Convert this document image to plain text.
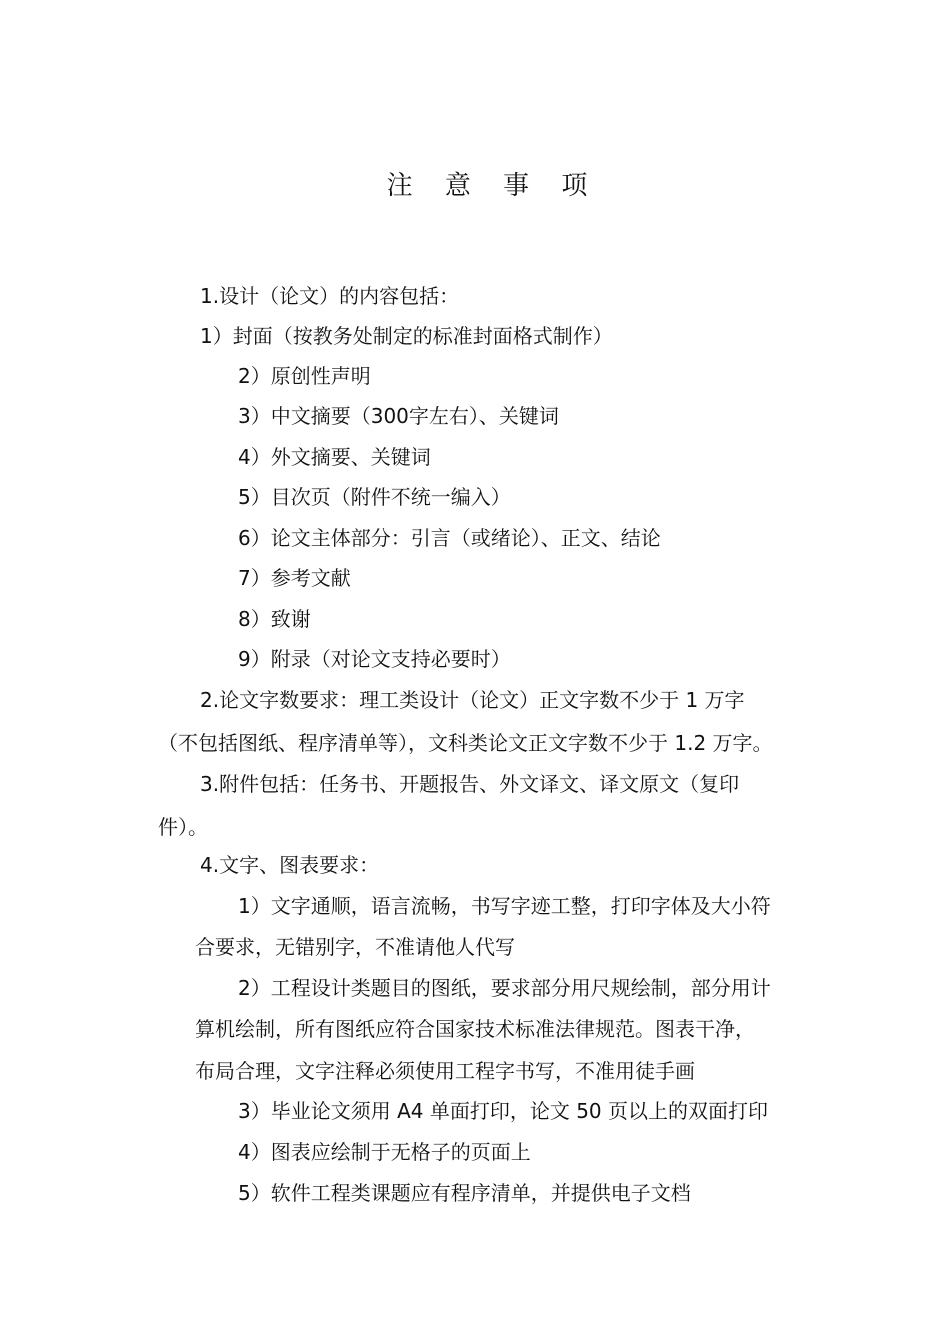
注 意 事 项
1.设计（论文）的内容包括：
1）封面（按教务处制定的标准封面格式制作）
2）原创性声明
3）中文摘要（300字左右）、关键词
4）外文摘要、关键词
5）目次页（附件不统一编入）
6）论文主体部分：引言（或绪论）、正文、结论
7）参考文献
8）致谢
9）附录（对论文支持必要时）
2.论文字数要求：理工类设计（论文）正文字数不少于 1 万字
（不包括图纸、程序清单等），文科类论文正文字数不少于 1.2 万字。
3.附件包括：任务书、开题报告、外文译文、译文原文（复印
件）。
4.文字、图表要求：
1）文字通顺，语言流畅，书写字迹工整，打印字体及大小符
合要求，无错别字，不准请他人代写
2）工程设计类题目的图纸，要求部分用尺规绘制，部分用计
算机绘制，所有图纸应符合国家技术标准法律规范。图表干净，
布局合理，文字注释必须使用工程字书写，不准用徒手画
3）毕业论文须用 A4 单面打印，论文 50 页以上的双面打印
4）图表应绘制于无格子的页面上
5）软件工程类课题应有程序清单，并提供电子文档
